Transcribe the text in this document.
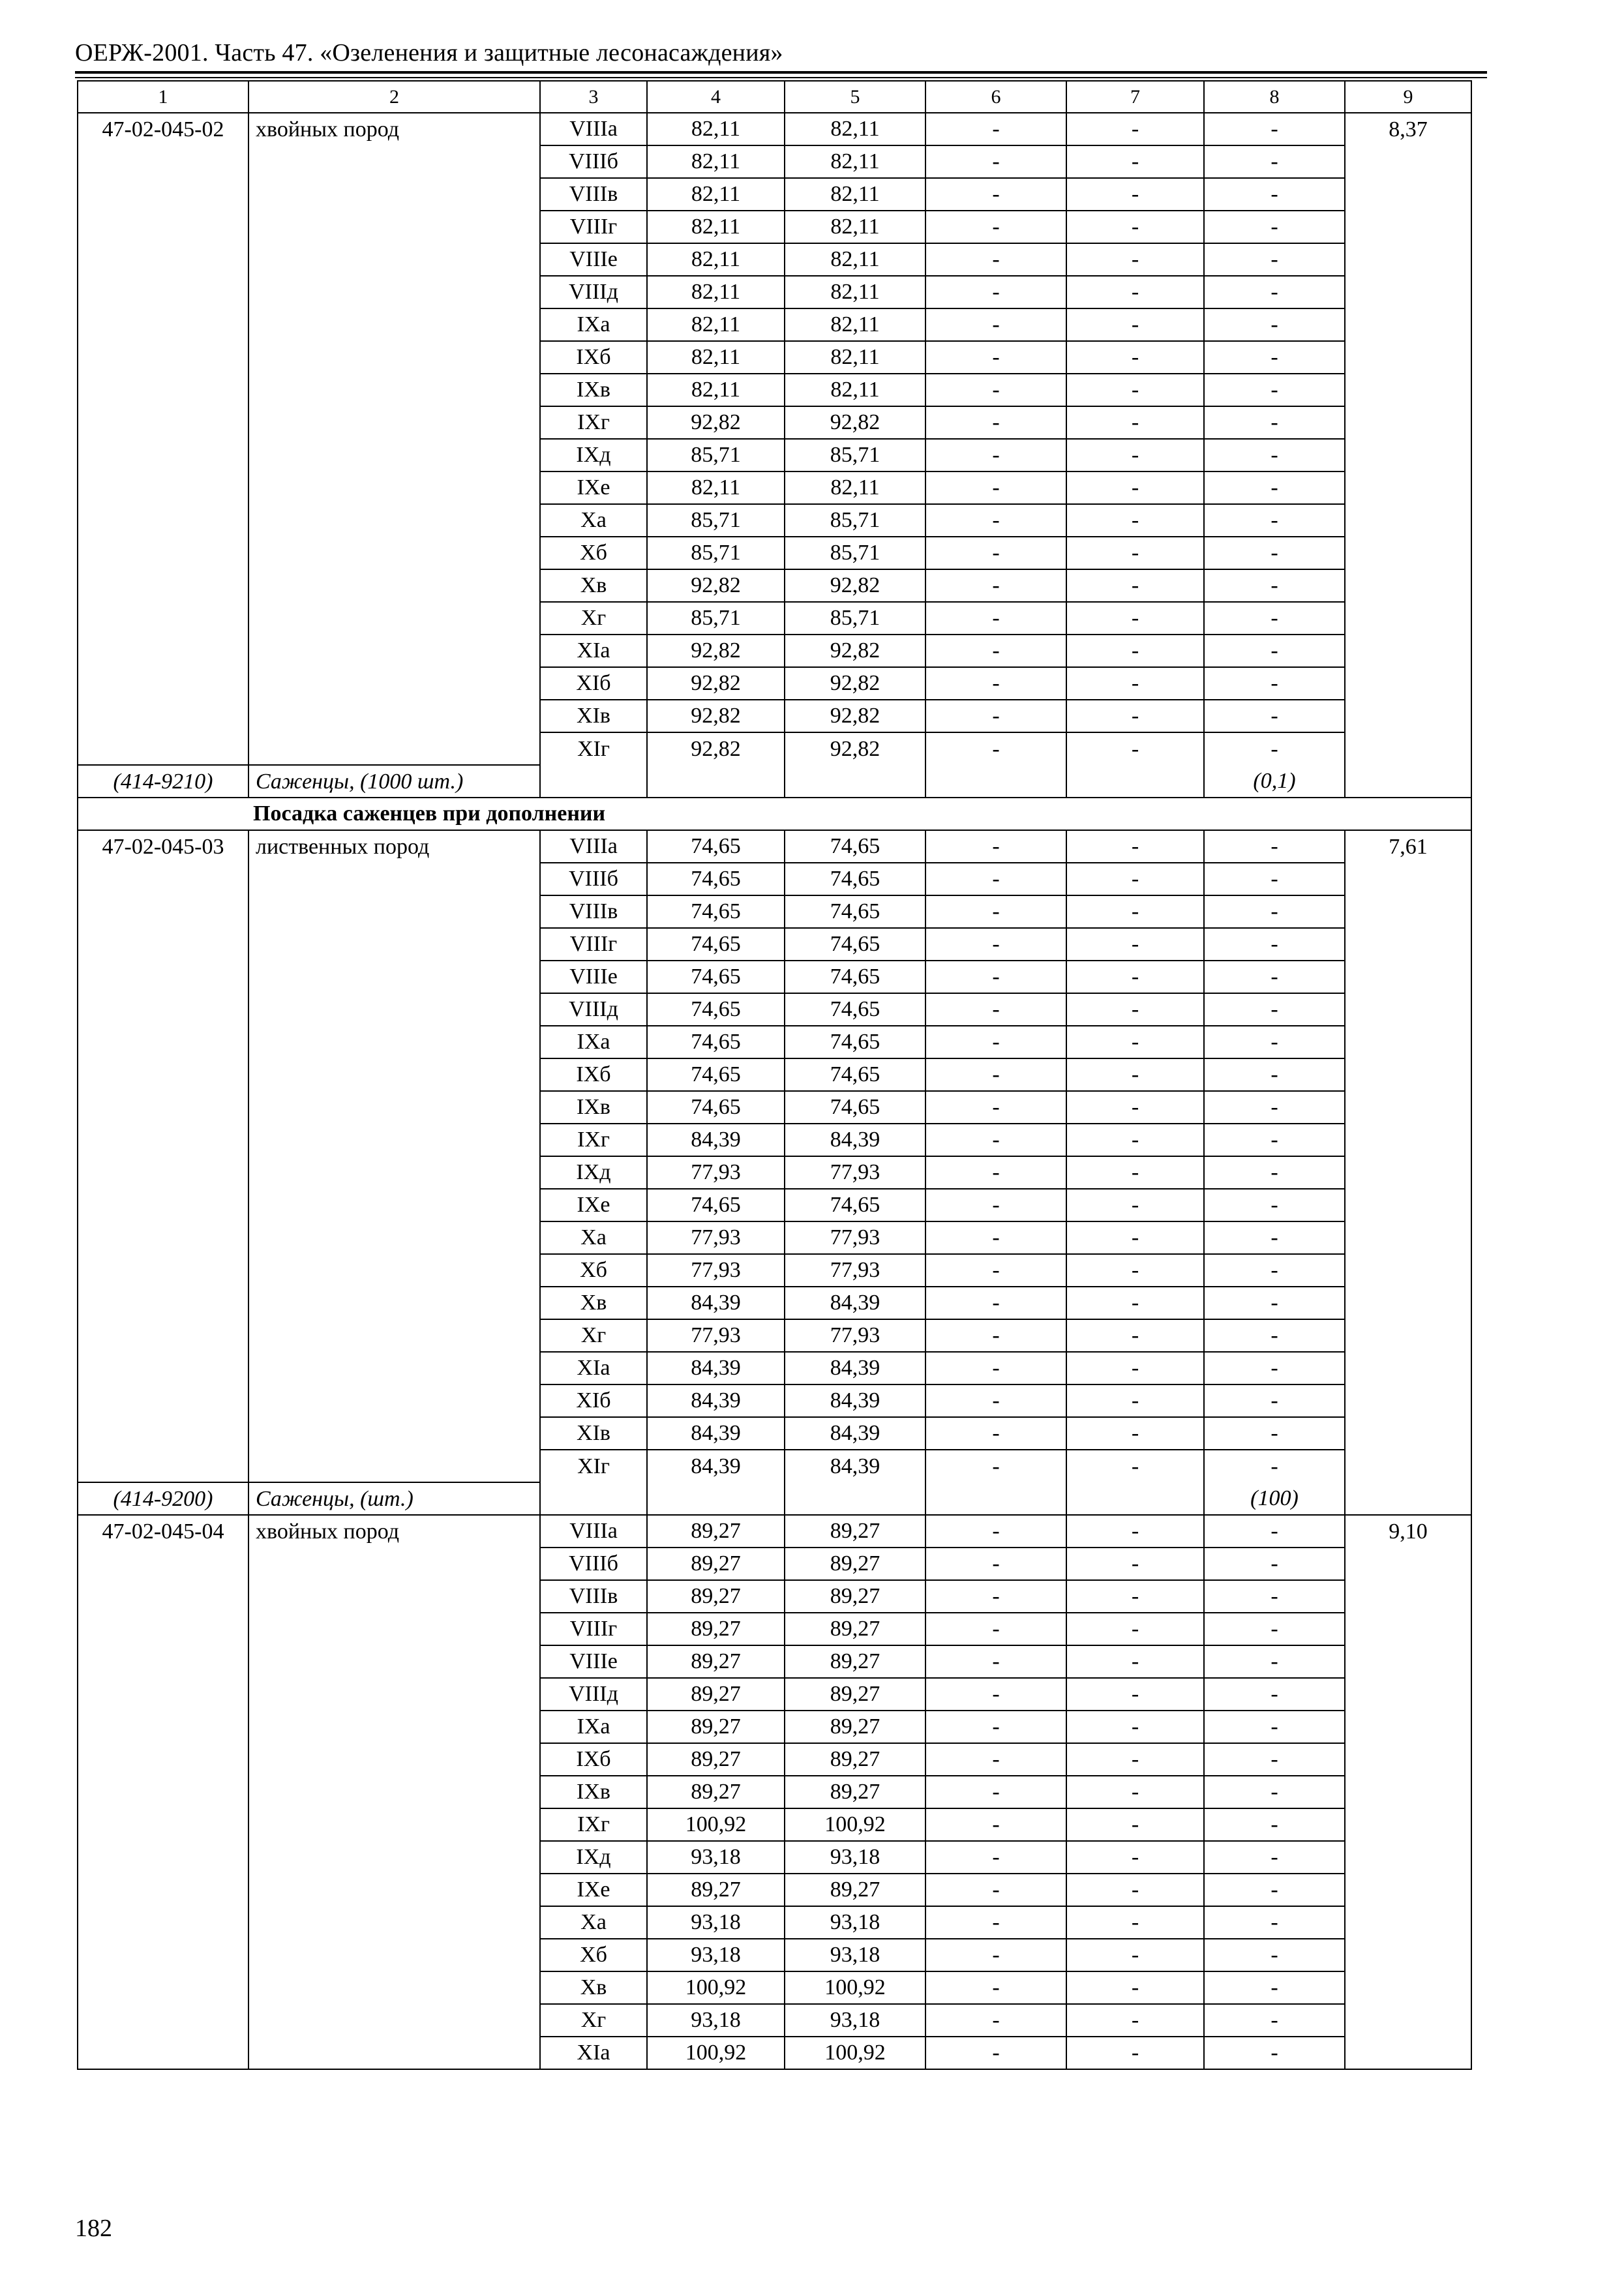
ОЕРЖ-2001. Часть 47. «Озеленения и защитные лесонасаждения»
1	2	3	4	5	6	7	8	9
47-02-045-02	хвойных пород	VIIIа	82,11	82,11	-	-	-	8,37
		VIIIб	82,11	82,11	-	-	-	
		VIIIв	82,11	82,11	-	-	-	
		VIIIг	82,11	82,11	-	-	-	
		VIIIе	82,11	82,11	-	-	-	
		VIIIд	82,11	82,11	-	-	-	
		IXа	82,11	82,11	-	-	-	
		IXб	82,11	82,11	-	-	-	
		IXв	82,11	82,11	-	-	-	
		IXг	92,82	92,82	-	-	-	
		IXд	85,71	85,71	-	-	-	
		IXе	82,11	82,11	-	-	-	
		Xа	85,71	85,71	-	-	-	
		Xб	85,71	85,71	-	-	-	
		Xв	92,82	92,82	-	-	-	
		Xг	85,71	85,71	-	-	-	
		XIа	92,82	92,82	-	-	-	
		XIб	92,82	92,82	-	-	-	
		XIв	92,82	92,82	-	-	-	
		XIг	92,82	92,82	-	-	-	
(414-9210)	Саженцы, (1000 шт.)						(0,1)	
Посадка саженцев при дополнении								
47-02-045-03	лиственных пород	VIIIа	74,65	74,65	-	-	-	7,61
		VIIIб	74,65	74,65	-	-	-	
		VIIIв	74,65	74,65	-	-	-	
		VIIIг	74,65	74,65	-	-	-	
		VIIIе	74,65	74,65	-	-	-	
		VIIIд	74,65	74,65	-	-	-	
		IXа	74,65	74,65	-	-	-	
		IXб	74,65	74,65	-	-	-	
		IXв	74,65	74,65	-	-	-	
		IXг	84,39	84,39	-	-	-	
		IXд	77,93	77,93	-	-	-	
		IXе	74,65	74,65	-	-	-	
		Xа	77,93	77,93	-	-	-	
		Xб	77,93	77,93	-	-	-	
		Xв	84,39	84,39	-	-	-	
		Xг	77,93	77,93	-	-	-	
		XIа	84,39	84,39	-	-	-	
		XIб	84,39	84,39	-	-	-	
		XIв	84,39	84,39	-	-	-	
		XIг	84,39	84,39	-	-	-	
(414-9200)	Саженцы, (шт.)						(100)	
47-02-045-04	хвойных пород	VIIIа	89,27	89,27	-	-	-	9,10
		VIIIб	89,27	89,27	-	-	-	
		VIIIв	89,27	89,27	-	-	-	
		VIIIг	89,27	89,27	-	-	-	
		VIIIе	89,27	89,27	-	-	-	
		VIIIд	89,27	89,27	-	-	-	
		IXа	89,27	89,27	-	-	-	
		IXб	89,27	89,27	-	-	-	
		IXв	89,27	89,27	-	-	-	
		IXг	100,92	100,92	-	-	-	
		IXд	93,18	93,18	-	-	-	
		IXе	89,27	89,27	-	-	-	
		Xа	93,18	93,18	-	-	-	
		Xб	93,18	93,18	-	-	-	
		Xв	100,92	100,92	-	-	-	
		Xг	93,18	93,18	-	-	-	
		XIа	100,92	100,92	-	-	-	
182
